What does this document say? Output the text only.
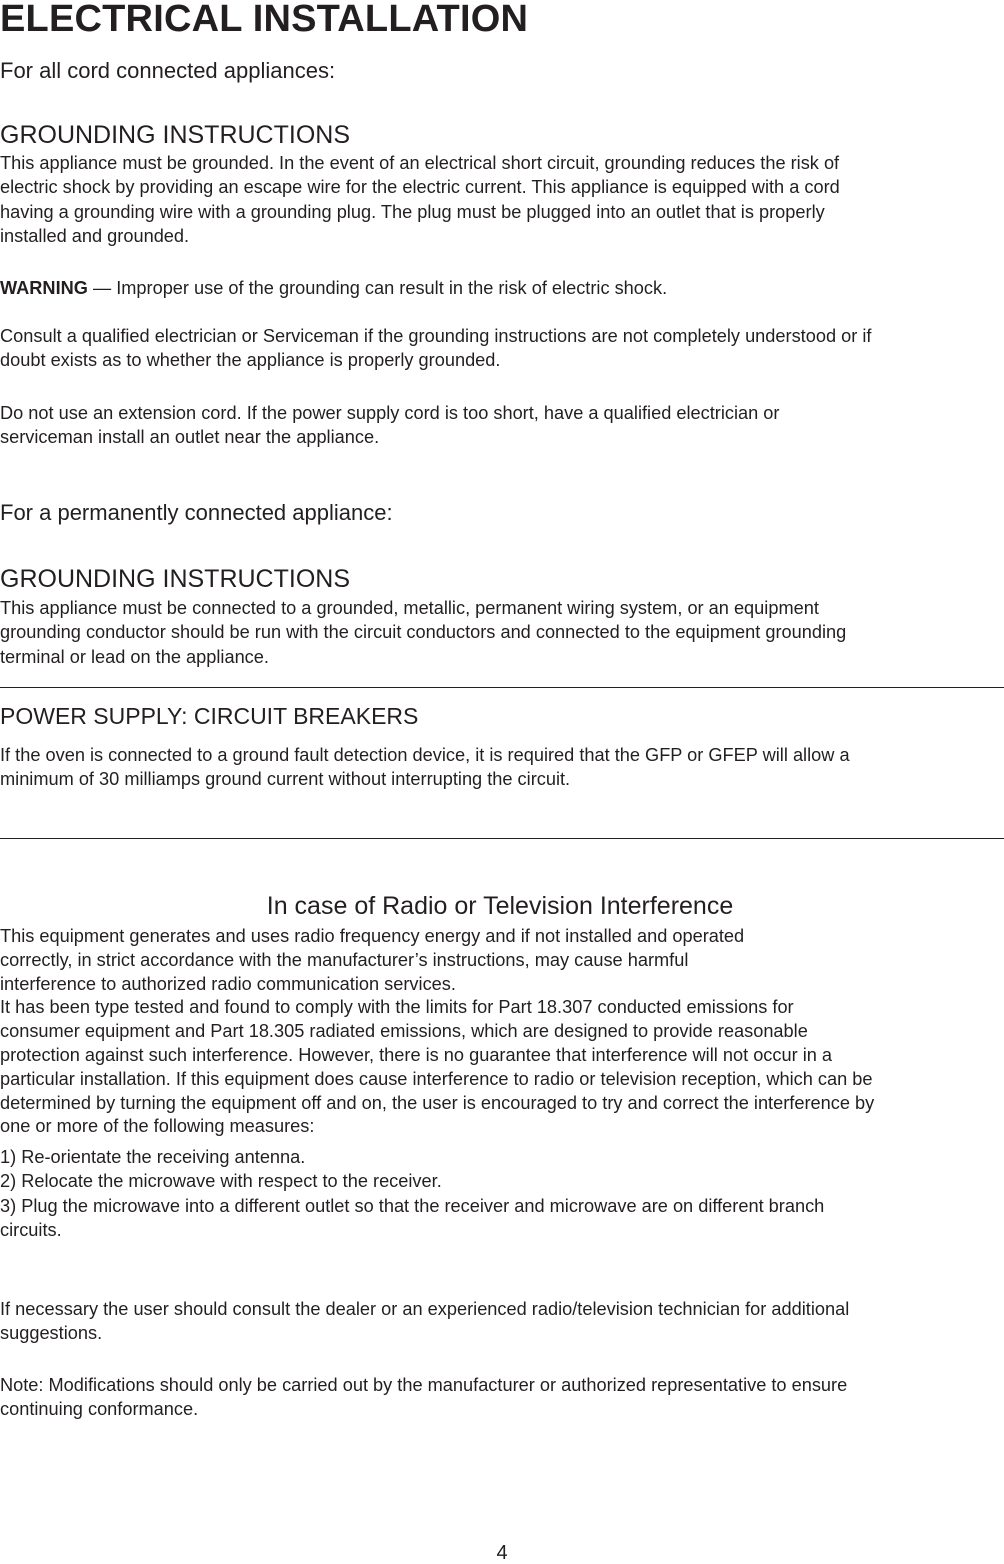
ELECTRICAL INSTALLATION

For all cord connected appliances:

GROUNDING INSTRUCTIONS
This appliance must be grounded. In the event of an electrical short circuit, grounding reduces the risk of
electric shock by providing an escape wire for the electric current. This appliance is equipped with a cord
having a grounding wire with a grounding plug. The plug must be plugged into an outlet that is properly
installed and grounded.

WARNING — Improper use of the grounding can result in the risk of electric shock.

Consult a qualified electrician or Serviceman if the grounding instructions are not completely understood or if
doubt exists as to whether the appliance is properly grounded.
Do not use an extension cord. If the power supply cord is too short, have a qualified electrician or
serviceman install an outlet near the appliance.

For a permanently connected appliance:

GROUNDING INSTRUCTIONS
This appliance must be connected to a grounded, metallic, permanent wiring system, or an equipment
grounding conductor should be run with the circuit conductors and connected to the equipment grounding
terminal or lead on the appliance.
POWER SUPPLY: CIRCUIT BREAKERS
If the oven is connected to a ground fault detection device, it is required that the GFP or GFEP will allow a
minimum of 30 milliamps ground current without interrupting the circuit.
In case of Radio or Television Interference
This equipment generates and uses radio frequency energy and if not installed and operated
correctly, in strict accordance with the manufacturer’s instructions, may cause harmful
interference to authorized radio communication services.
It has been type tested and found to comply with the limits for Part 18.307 conducted emissions for
consumer equipment and Part 18.305 radiated emissions, which are designed to provide reasonable
protection against such interference. However, there is no guarantee that interference will not occur in a
particular installation. If this equipment does cause interference to radio or television reception, which can be
determined by turning the equipment off and on, the user is encouraged to try and correct the interference by
one or more of the following measures:
1) Re-orientate the receiving antenna.
2) Relocate the microwave with respect to the receiver.
3) Plug the microwave into a different outlet so that the receiver and microwave are on different branch
circuits.
If necessary the user should consult the dealer or an experienced radio/television technician for additional
suggestions.
Note: Modifications should only be carried out by the manufacturer or authorized representative to ensure
continuing conformance.
4
